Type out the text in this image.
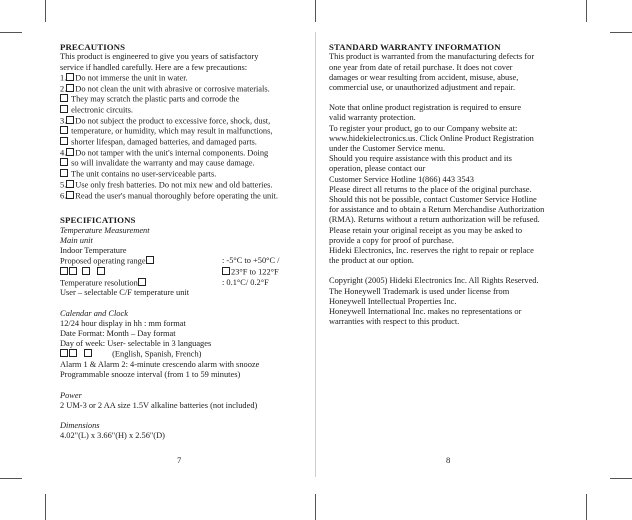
PRECAUTIONS

This product is engineered to give you years of satisfactory

service if handled carefully. Here are a few precautions:

1. Do not immerse the unit in water.

2. Do not clean the unit with abrasive or corrosive materials.

They may scratch the plastic parts and corrode the

electronic circuits.

3. Do not subject the product to excessive force, shock, dust,

temperature, or humidity, which may result in malfunctions,

shorter lifespan, damaged batteries, and damaged parts.

4. Do not tamper with the unit's internal components. Doing

so will invalidate the warranty and may cause damage.

The unit contains no user-serviceable parts.

5. Use only fresh batteries. Do not mix new and old batteries.

6. Read the user's manual thoroughly before operating the unit.

SPECIFICATIONS

Temperature Measurement

Main unit

Indoor Temperature

Proposed operating range	: -5°C to +50°C /

23°F to 122°F
Temperature resolution	: 0.1°C/ 0.2°F

User – selectable C/F temperature unit

Calendar and Clock

12/24 hour display in hh : mm format

Date Format: Month – Day format

Day of week: User- selectable in 3 languages

(English, Spanish, French)

Alarm 1 & Alarm 2: 4-minute crescendo alarm with snooze

Programmable snooze interval (from 1 to 59 minutes)

Power

2 UM-3 or 2 AA size 1.5V alkaline batteries (not included)

Dimensions

4.02"(L) x 3.66"(H) x 2.56"(D)

7
STANDARD WARRANTY INFORMATION

This product is warranted from the manufacturing defects for

one year from date of retail purchase. It does not cover

damages or wear resulting from accident, misuse, abuse,

commercial use, or unauthorized adjustment and repair.

Note that online product registration is required to ensure

valid warranty protection.

To register your product, go to our Company website at:

www.hidekielectronics.us. Click Online Product Registration

under the Customer Service menu.

Should you require assistance with this product and its

operation, please contact our

Customer Service Hotline 1(866) 443 3543

Please direct all returns to the place of the original purchase.

Should this not be possible, contact Customer Service Hotline

for assistance and to obtain a Return Merchandise Authorization

(RMA). Returns without a return authorization will be refused.

Please retain your original receipt as you may be asked to

provide a copy for proof of purchase.

Hideki Electronics, Inc. reserves the right to repair or replace

the product at our option.

Copyright (2005) Hideki Electronics Inc. All Rights Reserved.

The Honeywell Trademark is used under license from

Honeywell Intellectual Properties Inc.

Honeywell International Inc. makes no representations or

warranties with respect to this product.

8
